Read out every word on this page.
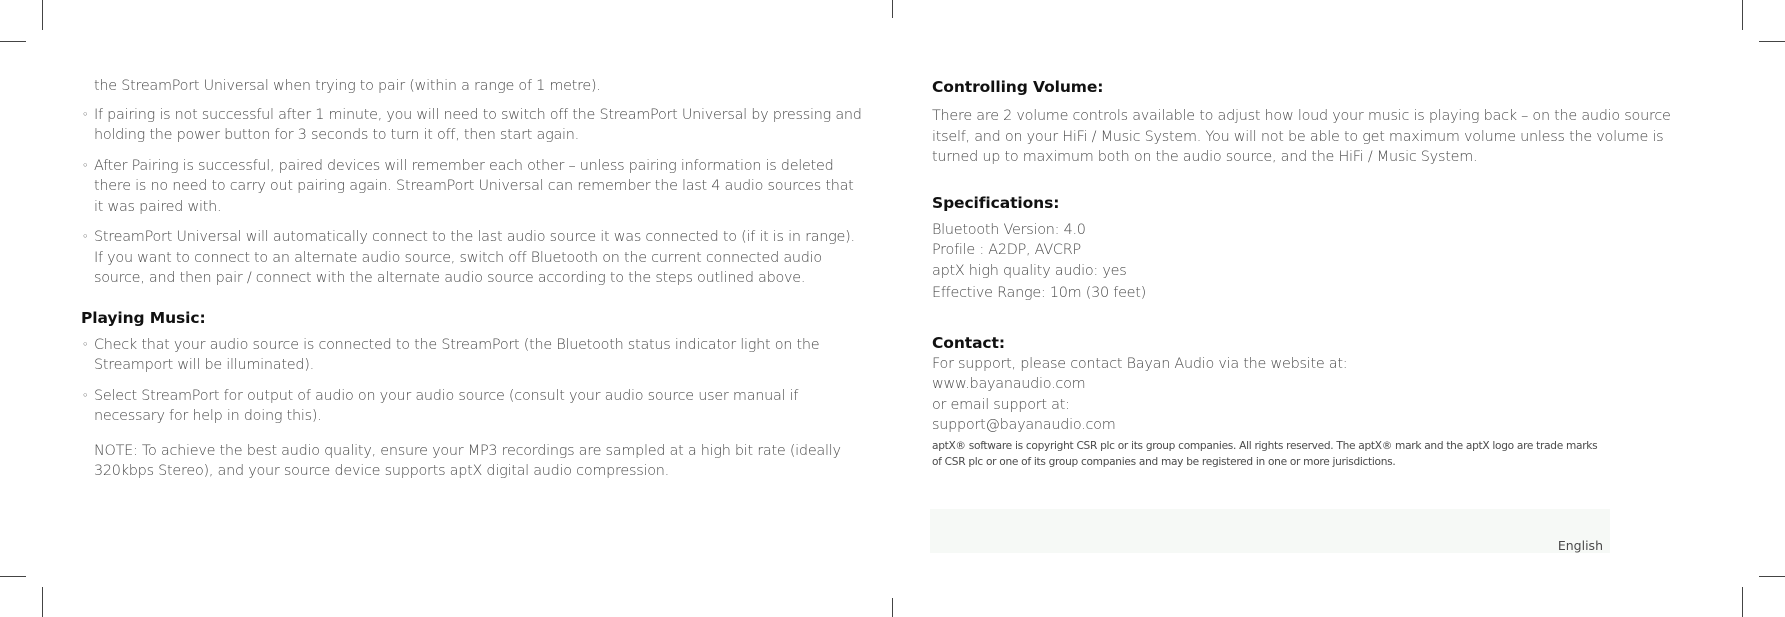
the StreamPort Universal when trying to pair (within a range of 1 metre).

◦ If pairing is not successful after 1 minute, you will need to switch off the StreamPort Universal by pressing and holding the power button for 3 seconds to turn it off, then start again.

◦ After Pairing is successful, paired devices will remember each other – unless pairing information is deleted there is no need to carry out pairing again. StreamPort Universal can remember the last 4 audio sources that it was paired with.

◦ StreamPort Universal will automatically connect to the last audio source it was connected to (if it is in range). If you want to connect to an alternate audio source, switch off Bluetooth on the current connected audio source, and then pair / connect with the alternate audio source according to the steps outlined above.

Playing Music:
◦ Check that your audio source is connected to the StreamPort (the Bluetooth status indicator light on the Streamport will be illuminated).

◦ Select StreamPort for output of audio on your audio source (consult your audio source user manual if necessary for help in doing this).

NOTE: To achieve the best audio quality, ensure your MP3 recordings are sampled at a high bit rate (ideally 320kbps Stereo), and your source device supports aptX digital audio compression.

Controlling Volume:

There are 2 volume controls available to adjust how loud your music is playing back – on the audio source itself, and on your HiFi / Music System. You will not be able to get maximum volume unless the volume is turned up to maximum both on the audio source, and the HiFi / Music System.

Specifications:

Bluetooth Version: 4.0

Profile : A2DP, AVCRP

aptX high quality audio: yes

Effective Range: 10m (30 feet)

Contact:

For support, please contact Bayan Audio via the website at:

www.bayanaudio.com

or email support at:

support@bayanaudio.com

aptX® software is copyright CSR plc or its group companies. All rights reserved. The aptX® mark and the aptX logo are trade marks

of CSR plc or one of its group companies and may be registered in one or more jurisdictions.

English
